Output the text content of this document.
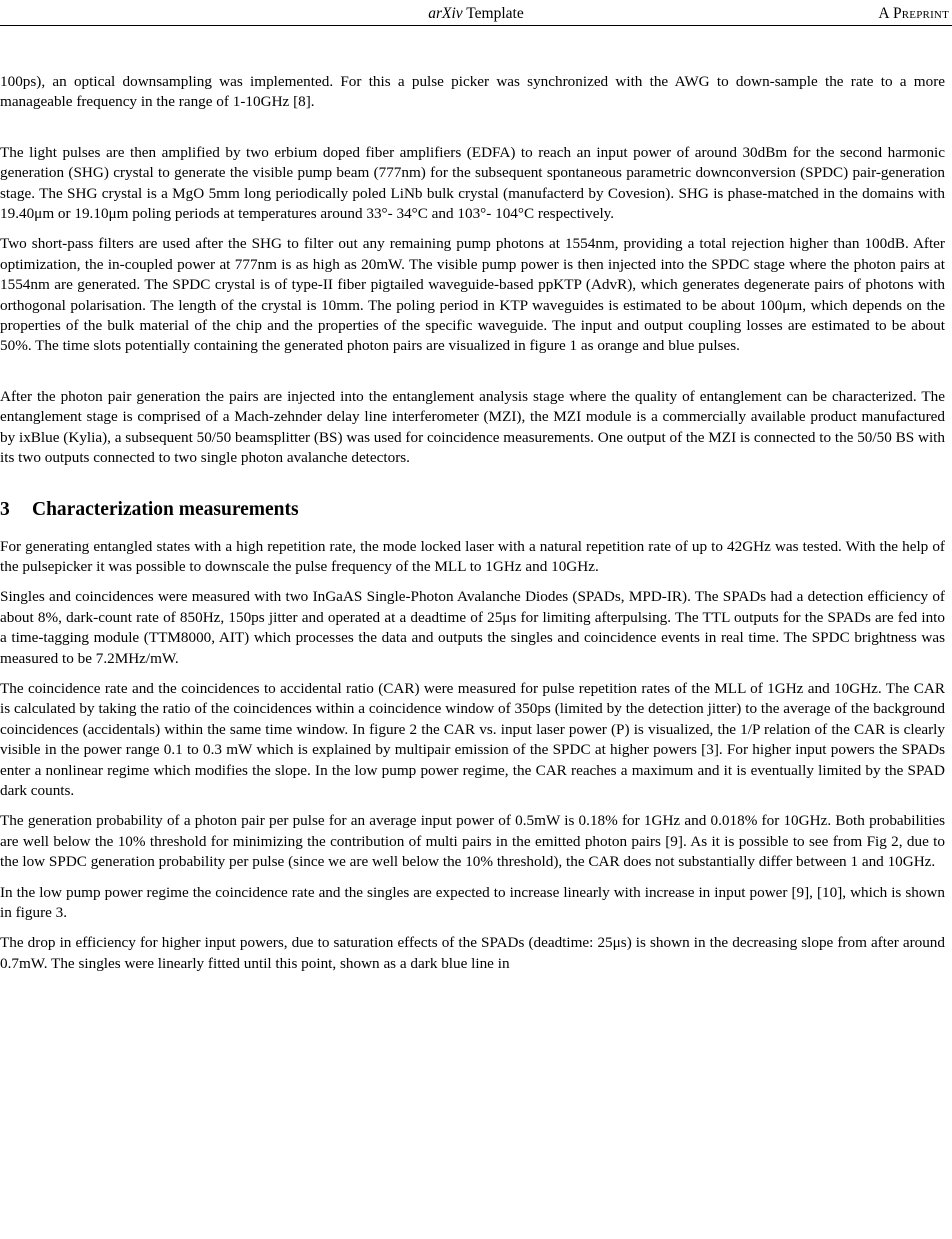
arXiv Template	A Preprint

100ps), an optical downsampling was implemented. For this a pulse picker was synchronized with the AWG to down-sample the rate to a more manageable frequency in the range of 1-10GHz [8].

The light pulses are then amplified by two erbium doped fiber amplifiers (EDFA) to reach an input power of around 30dBm for the second harmonic generation (SHG) crystal to generate the visible pump beam (777nm) for the subsequent spontaneous parametric downconversion (SPDC) pair-generation stage. The SHG crystal is a MgO 5mm long periodically poled LiNb bulk crystal (manufacterd by Covesion). SHG is phase-matched in the domains with 19.40μm or 19.10μm poling periods at temperatures around 33°- 34°C and 103°- 104°C respectively.

Two short-pass filters are used after the SHG to filter out any remaining pump photons at 1554nm, providing a total rejection higher than 100dB. After optimization, the in-coupled power at 777nm is as high as 20mW. The visible pump power is then injected into the SPDC stage where the photon pairs at 1554nm are generated. The SPDC crystal is of type-II fiber pigtailed waveguide-based ppKTP (AdvR), which generates degenerate pairs of photons with orthogonal polarisation. The length of the crystal is 10mm. The poling period in KTP waveguides is estimated to be about 100μm, which depends on the properties of the bulk material of the chip and the properties of the specific waveguide. The input and output coupling losses are estimated to be about 50%. The time slots potentially containing the generated photon pairs are visualized in figure 1 as orange and blue pulses.

After the photon pair generation the pairs are injected into the entanglement analysis stage where the quality of entanglement can be characterized. The entanglement stage is comprised of a Mach-zehnder delay line interferometer (MZI), the MZI module is a commercially available product manufactured by ixBlue (Kylia), a subsequent 50/50 beamsplitter (BS) was used for coincidence measurements. One output of the MZI is connected to the 50/50 BS with its two outputs connected to two single photon avalanche detectors.

3 Characterization measurements

For generating entangled states with a high repetition rate, the mode locked laser with a natural repetition rate of up to 42GHz was tested. With the help of the pulsepicker it was possible to downscale the pulse frequency of the MLL to 1GHz and 10GHz.

Singles and coincidences were measured with two InGaAS Single-Photon Avalanche Diodes (SPADs, MPD-IR). The SPADs had a detection efficiency of about 8%, dark-count rate of 850Hz, 150ps jitter and operated at a deadtime of 25μs for limiting afterpulsing. The TTL outputs for the SPADs are fed into a time-tagging module (TTM8000, AIT) which processes the data and outputs the singles and coincidence events in real time. The SPDC brightness was measured to be 7.2MHz/mW.

The coincidence rate and the coincidences to accidental ratio (CAR) were measured for pulse repetition rates of the MLL of 1GHz and 10GHz. The CAR is calculated by taking the ratio of the coincidences within a coincidence window of 350ps (limited by the detection jitter) to the average of the background coincidences (accidentals) within the same time window. In figure 2 the CAR vs. input laser power (P) is visualized, the 1/P relation of the CAR is clearly visible in the power range 0.1 to 0.3 mW which is explained by multipair emission of the SPDC at higher powers [3]. For higher input powers the SPADs enter a nonlinear regime which modifies the slope. In the low pump power regime, the CAR reaches a maximum and it is eventually limited by the SPAD dark counts.

The generation probability of a photon pair per pulse for an average input power of 0.5mW is 0.18% for 1GHz and 0.018% for 10GHz. Both probabilities are well below the 10% threshold for minimizing the contribution of multi pairs in the emitted photon pairs [9]. As it is possible to see from Fig 2, due to the low SPDC generation probability per pulse (since we are well below the 10% threshold), the CAR does not substantially differ between 1 and 10GHz.

In the low pump power regime the coincidence rate and the singles are expected to increase linearly with increase in input power [9], [10], which is shown in figure 3.

The drop in efficiency for higher input powers, due to saturation effects of the SPADs (deadtime: 25μs) is shown in the decreasing slope from after around 0.7mW. The singles were linearly fitted until this point, shown as a dark blue line in
